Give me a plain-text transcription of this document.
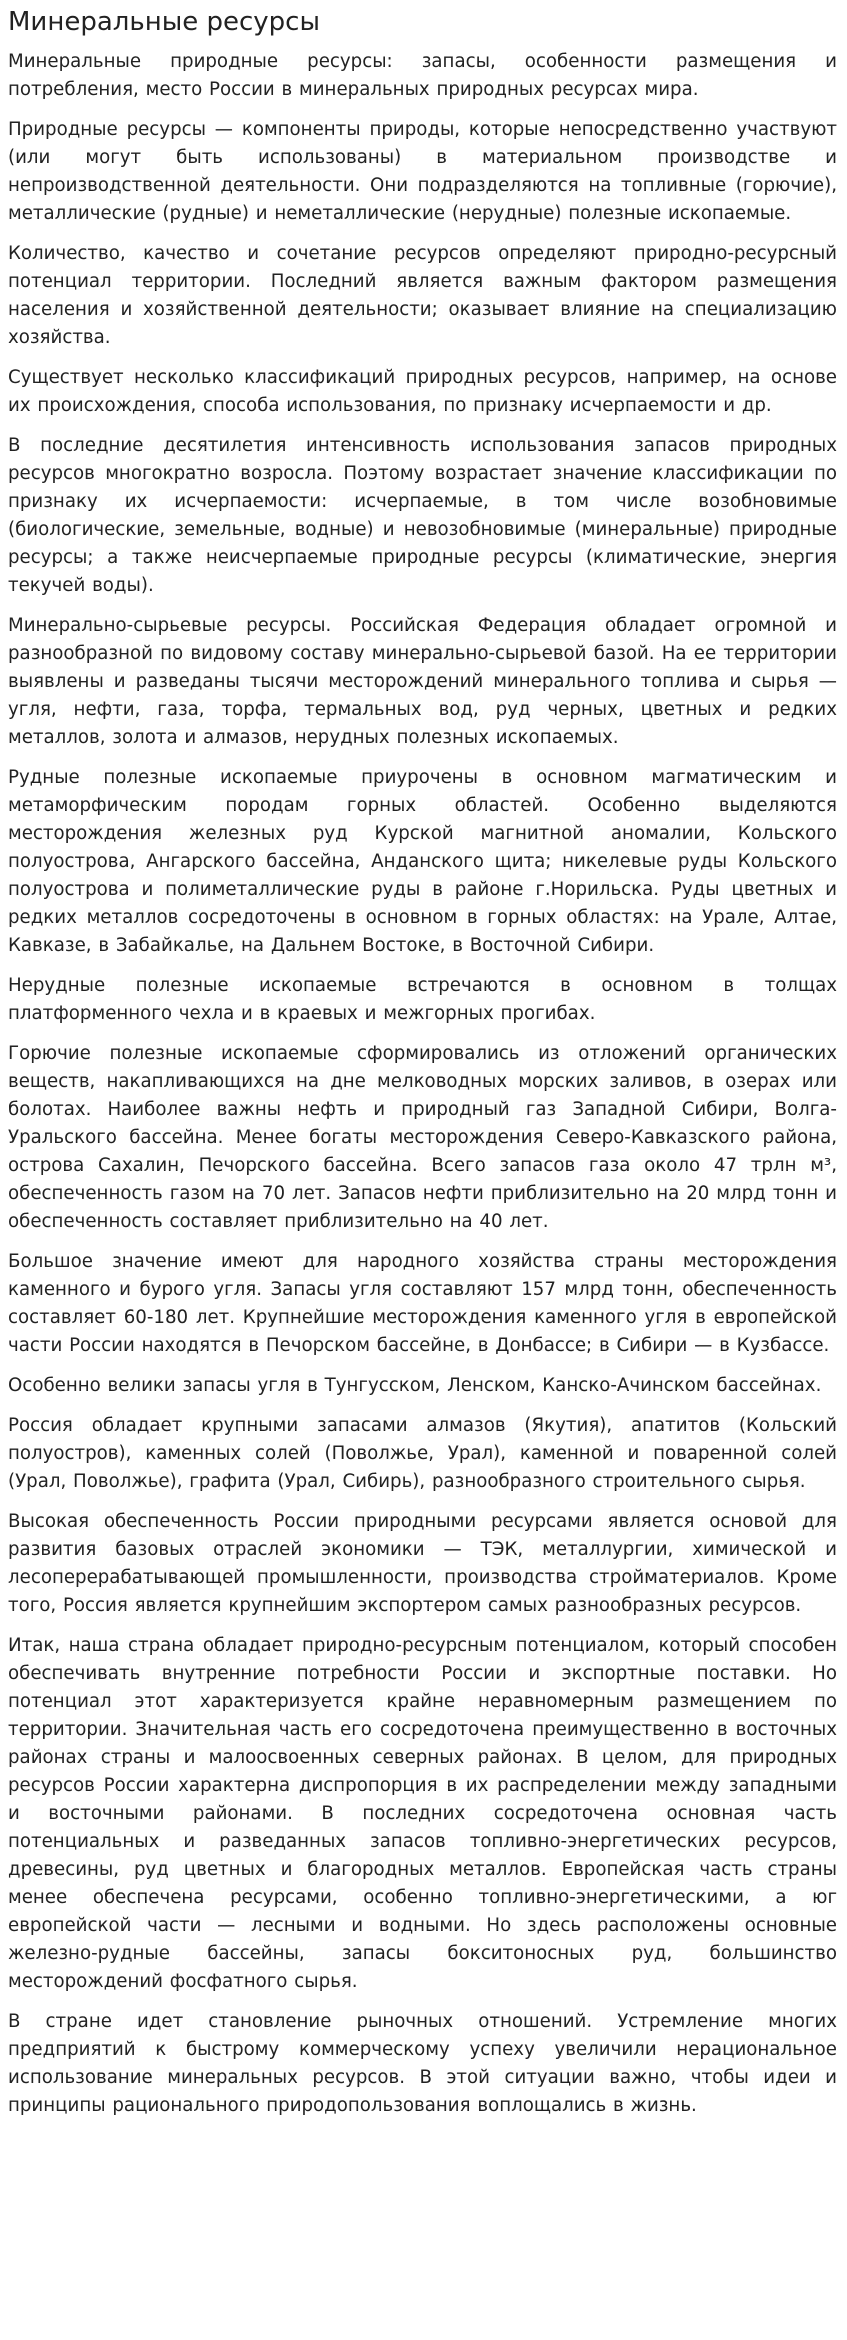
Минеральные ресурсы

Минеральные природные ресурсы: запасы, особенности размещения и потребления, место России в минеральных природных ресурсах мира.

Природные ресурсы — компоненты природы, которые непосредственно участвуют (или могут быть использованы) в материальном производстве и непроизводственной деятельности. Они подразделяются на топливные (горючие), металлические (рудные) и неметаллические (нерудные) полезные ископаемые.

Количество, качество и сочетание ресурсов определяют природно-ресурсный потенциал территории. Последний является важным фактором размещения населения и хозяйственной деятельности; оказывает влияние на специализацию хозяйства.

Существует несколько классификаций природных ресурсов, например, на основе их происхождения, способа использования, по признаку исчерпаемости и др.

В последние десятилетия интенсивность использования запасов природных ресурсов многократно возросла. Поэтому возрастает значение классификации по признаку их исчерпаемости: исчерпаемые, в том числе возобновимые (биологические, земельные, водные) и невозобновимые (минеральные) природные ресурсы; а также неисчерпаемые природные ресурсы (климатические, энергия текучей воды).

Минерально-сырьевые ресурсы. Российская Федерация обладает огромной и разнообразной по видовому составу минерально-сырьевой базой. На ее территории выявлены и разведаны тысячи месторождений минерального топлива и сырья — угля, нефти, газа, торфа, термальных вод, руд черных, цветных и редких металлов, золота и алмазов, нерудных полезных ископаемых.

Рудные полезные ископаемые приурочены в основном магматическим и метаморфическим породам горных областей. Особенно выделяются месторождения железных руд Курской магнитной аномалии, Кольского полуострова, Ангарского бассейна, Анданского щита; никелевые руды Кольского полуострова и полиметаллические руды в районе г.Норильска. Руды цветных и редких металлов сосредоточены в основном в горных областях: на Урале, Алтае, Кавказе, в Забайкалье, на Дальнем Востоке, в Восточной Сибири.

Нерудные полезные ископаемые встречаются в основном в толщах платформенного чехла и в краевых и межгорных прогибах.

Горючие полезные ископаемые сформировались из отложений органических веществ, накапливающихся на дне мелководных морских заливов, в озерах или болотах. Наиболее важны нефть и природный газ Западной Сибири, Волга-Уральского бассейна. Менее богаты месторождения Северо-Кавказского района, острова Сахалин, Печорского бассейна. Всего запасов газа около 47 трлн м³, обеспеченность газом на 70 лет. Запасов нефти приблизительно на 20 млрд тонн и обеспеченность составляет приблизительно на 40 лет.

Большое значение имеют для народного хозяйства страны месторождения каменного и бурого угля. Запасы угля составляют 157 млрд тонн, обеспеченность составляет 60-180 лет. Крупнейшие месторождения каменного угля в европейской части России находятся в Печорском бассейне, в Донбассе; в Сибири — в Кузбассе.

Особенно велики запасы угля в Тунгусском, Ленском, Канско-Ачинском бассейнах.

Россия обладает крупными запасами алмазов (Якутия), апатитов (Кольский полуостров), каменных солей (Поволжье, Урал), каменной и поваренной солей (Урал, Поволжье), графита (Урал, Сибирь), разнообразного строительного сырья.

Высокая обеспеченность России природными ресурсами является основой для развития базовых отраслей экономики — ТЭК, металлургии, химической и лесоперерабатывающей промышленности, производства стройматериалов. Кроме того, Россия является крупнейшим экспортером самых разнообразных ресурсов.

Итак, наша страна обладает природно-ресурсным потенциалом, который способен обеспечивать внутренние потребности России и экспортные поставки. Но потенциал этот характеризуется крайне неравномерным размещением по территории. Значительная часть его сосредоточена преимущественно в восточных районах страны и малоосвоенных северных районах. В целом, для природных ресурсов России характерна диспропорция в их распределении между западными и восточными районами. В последних сосредоточена основная часть потенциальных и разведанных запасов топливно-энергетических ресурсов, древесины, руд цветных и благородных металлов. Европейская часть страны менее обеспечена ресурсами, особенно топливно-энергетическими, а юг европейской части — лесными и водными. Но здесь расположены основные железно-рудные бассейны, запасы бокситоносных руд, большинство месторождений фосфатного сырья.

В стране идет становление рыночных отношений. Устремление многих предприятий к быстрому коммерческому успеху увеличили нерациональное использование минеральных ресурсов. В этой ситуации важно, чтобы идеи и принципы рационального природопользования воплощались в жизнь.
